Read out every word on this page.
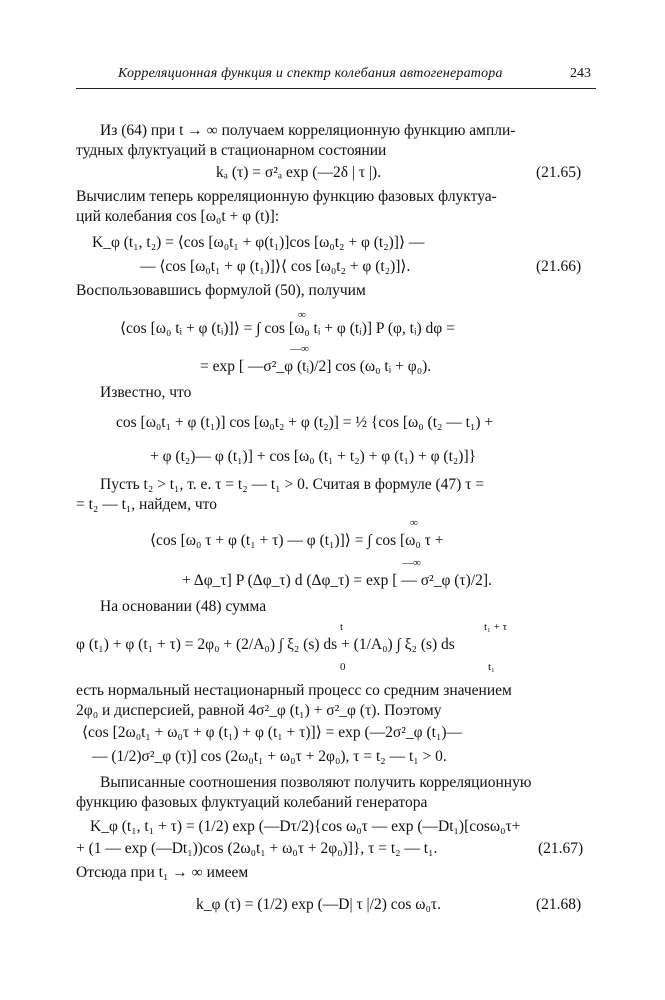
Корреляционная функция и спектр колебания автогенератора	243
Из (64) при t → ∞ получаем корреляционную функцию ампли-
тудных флуктуаций в стационарном состоянии
kₐ (τ) = σ²ₐ exp (—2δ | τ |).	(21.65)
Вычислим теперь корреляционную функцию фазовых флуктуа-
ций колебания cos [ω₀t + φ (t)]:
K_φ (t₁, t₂) = ⟨cos [ω₀t₁ + φ(t₁)]cos [ω₀t₂ + φ (t₂)]⟩ —
— ⟨cos [ω₀t₁ + φ (t₁)]⟩⟨ cos [ω₀t₂ + φ (t₂)]⟩.	(21.66)
Воспользовавшись формулой (50), получим
∞
⟨cos [ω₀ tᵢ + φ (tᵢ)]⟩ = ∫ cos [ω₀ tᵢ + φ (tᵢ)] P (φ, tᵢ) dφ =
—∞
= exp [ —σ²_φ (tᵢ)/2] cos (ω₀ tᵢ + φ₀).
Известно, что
cos [ω₀t₁ + φ (t₁)] cos [ω₀t₂ + φ (t₂)] = ½ {cos [ω₀ (t₂ — t₁) +
+ φ (t₂)— φ (t₁)] + cos [ω₀ (t₁ + t₂) + φ (t₁) + φ (t₂)]}
Пусть t₂ > t₁, т. е. τ = t₂ — t₁ > 0. Считая в формуле (47) τ =
= t₂ — t₁, найдем, что
∞
⟨cos [ω₀ τ + φ (t₁ + τ) — φ (t₁)]⟩ = ∫ cos [ω₀ τ +
—∞
+ Δφ_τ] P (Δφ_τ) d (Δφ_τ) = exp [ — σ²_φ (τ)/2].
На основании (48) сумма
t	t₁ + τ
φ (t₁) + φ (t₁ + τ) = 2φ₀ + (2/A₀) ∫ ξ₂ (s) ds + (1/A₀) ∫ ξ₂ (s) ds
0	t₁
есть нормальный нестационарный процесс со средним значением
2φ₀ и дисперсией, равной 4σ²_φ (t₁) + σ²_φ (τ). Поэтому
⟨cos [2ω₀t₁ + ω₀τ + φ (t₁) + φ (t₁ + τ)]⟩ = exp (—2σ²_φ (t₁)—
— (1/2)σ²_φ (τ)] cos (2ω₀t₁ + ω₀τ + 2φ₀), τ = t₂ — t₁ > 0.
Выписанные соотношения позволяют получить корреляционную
функцию фазовых флуктуаций колебаний генератора
K_φ (t₁, t₁ + τ) = (1/2) exp (—Dτ/2){cos ω₀τ — exp (—Dt₁)[cosω₀τ+
+ (1 — exp (—Dt₁))cos (2ω₀t₁ + ω₀τ + 2φ₀)]}, τ = t₂ — t₁.	(21.67)
Отсюда при t₁ → ∞ имеем
k_φ (τ) = (1/2) exp (—D| τ |/2) cos ω₀τ.	(21.68)
